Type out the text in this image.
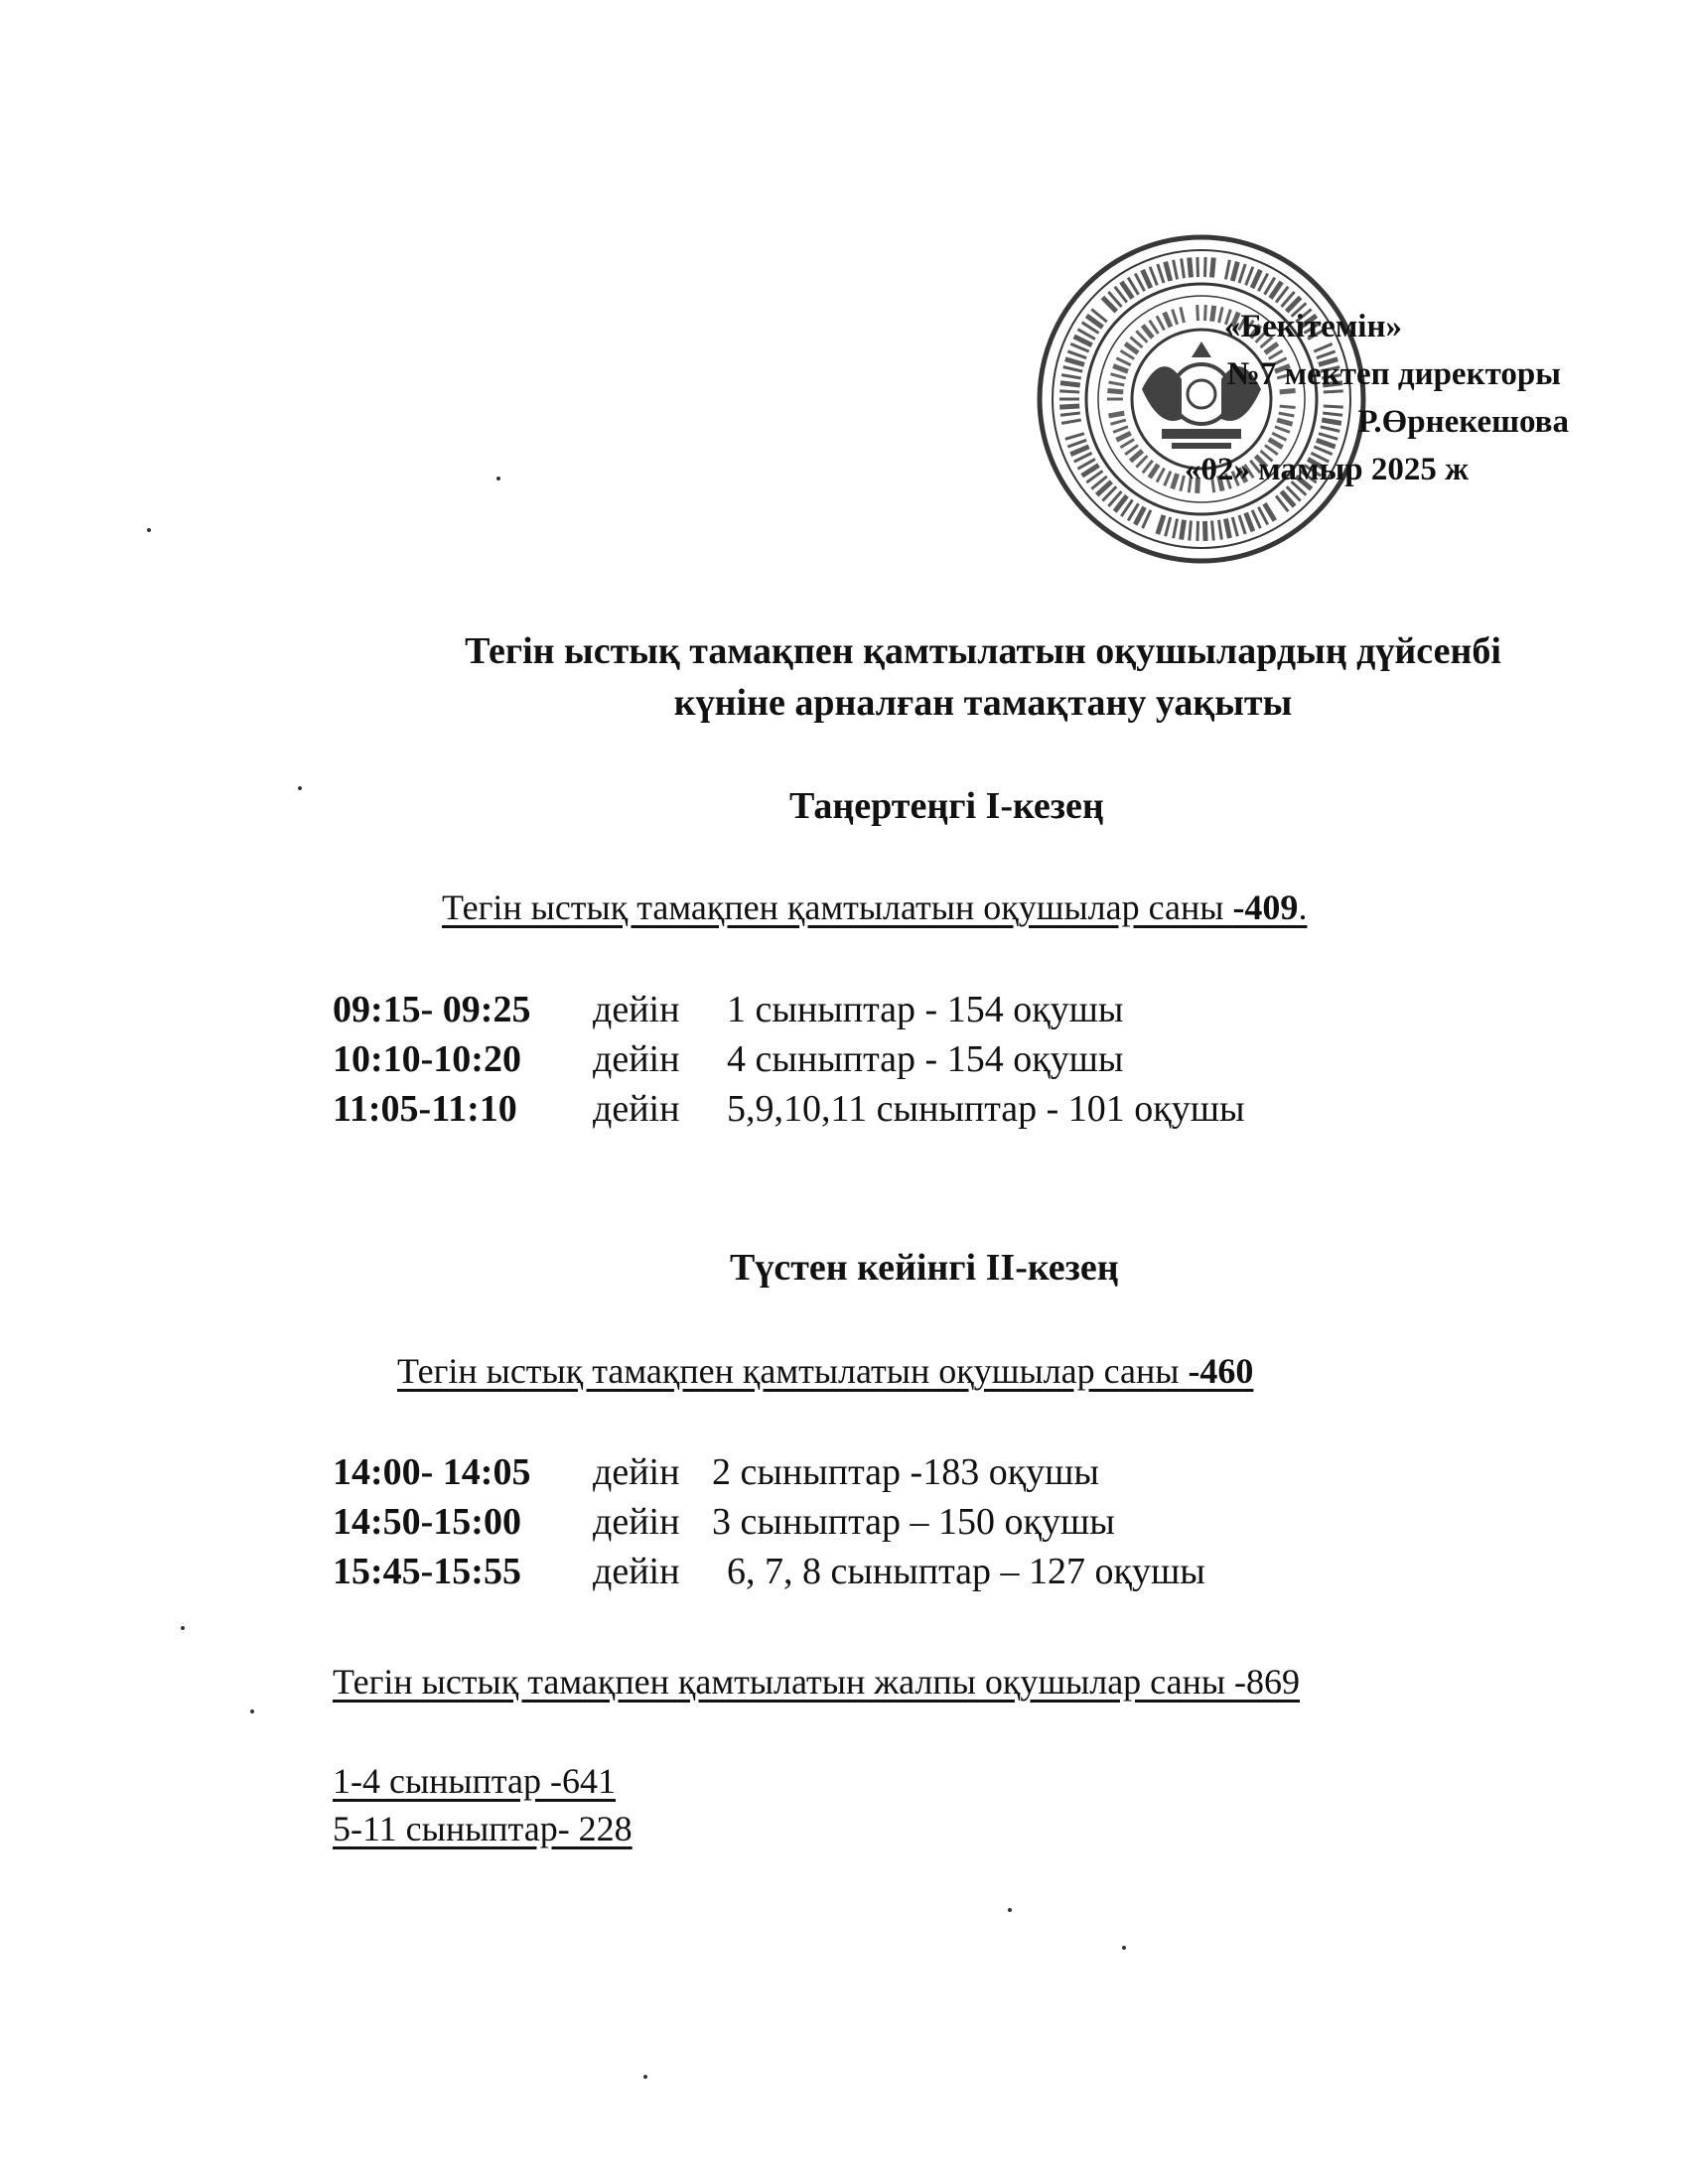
«Бекітемін»
№7 мектеп директоры
Р.Өрнекешова
«02» мамыр 2025 ж
Тегін ыстық тамақпен қамтылатын оқушылардың дүйсенбі
күніне арналған тамақтану уақыты
Таңертеңгі І-кезең
Тегін ыстық тамақпен қамтылатын оқушылар саны -409.
09:15- 09:25	дейін	1 сыныптар - 154 оқушы
10:10-10:20	дейін	4 сыныптар - 154 оқушы
11:05-11:10	дейін	5,9,10,11 сыныптар - 101 оқушы
Түстен кейінгі ІІ-кезең
Тегін ыстық тамақпен қамтылатын оқушылар саны -460
14:00- 14:05	дейін 2 сыныптар -183 оқушы
14:50-15:00	дейін 3 сыныптар – 150 оқушы
15:45-15:55	дейін	6, 7, 8 сыныптар – 127 оқушы
Тегін ыстық тамақпен қамтылатын жалпы оқушылар саны -869
1-4 сыныптар -641
5-11 сыныптар- 228
